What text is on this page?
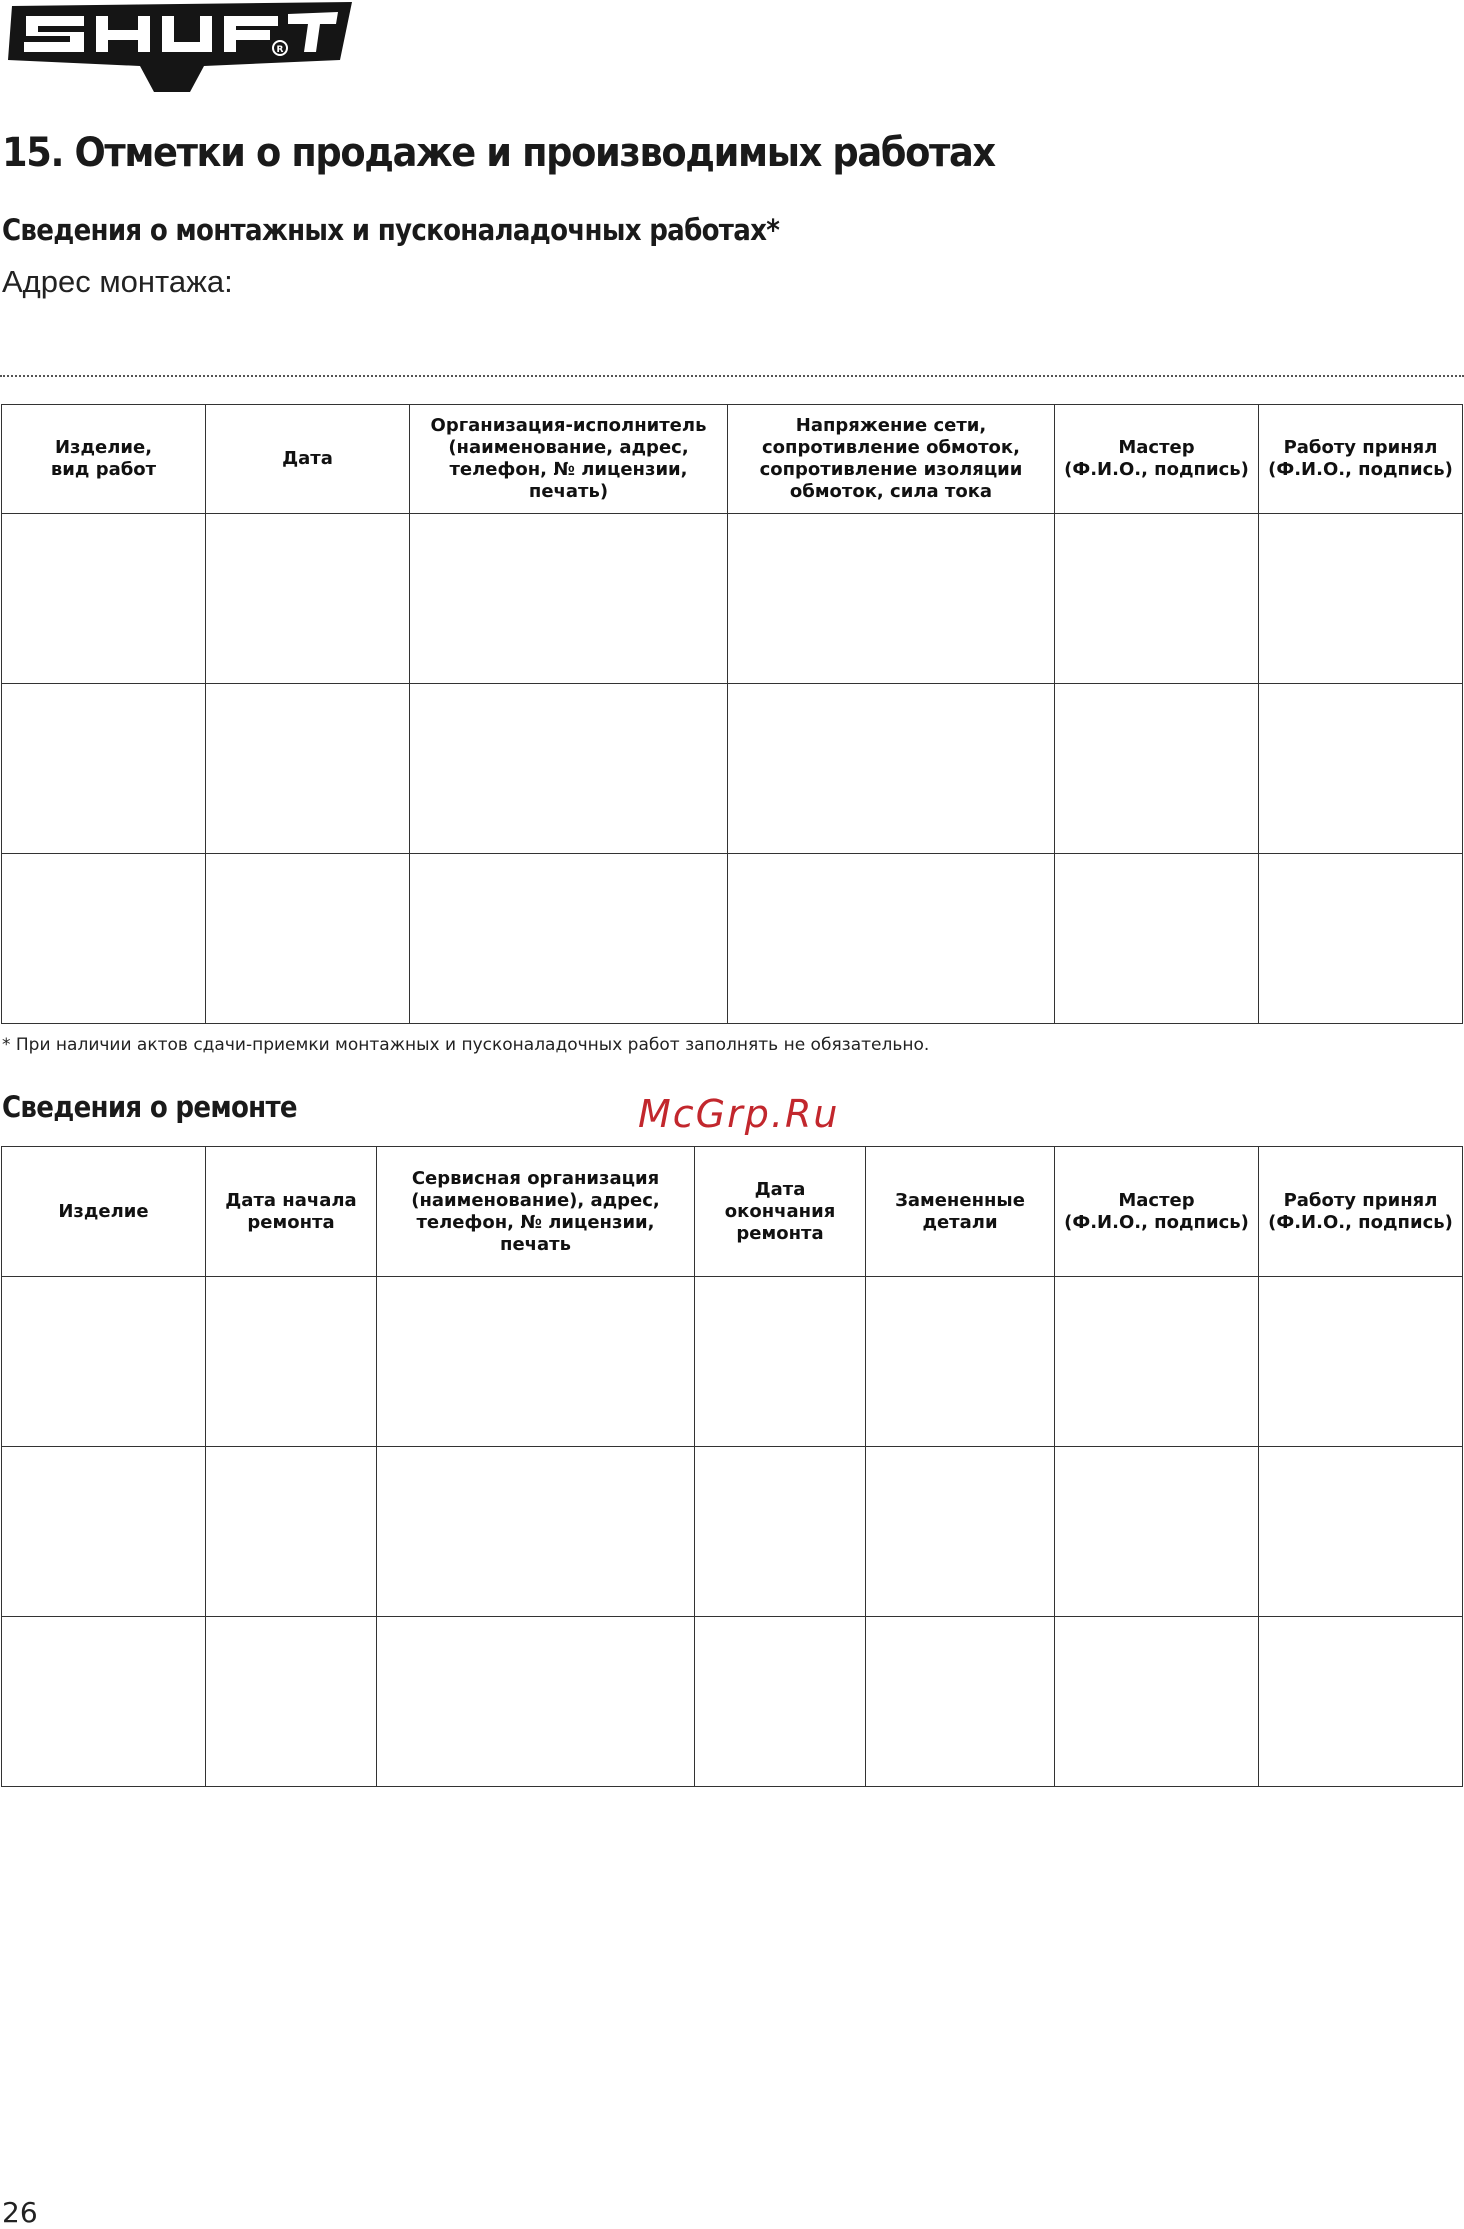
R
15. Отметки о продаже и производимых работах
Сведения о монтажных и пусконаладочных работах*

Адрес монтажа:

Изделие,
вид работ	Дата	Организация-исполнитель
(наименование, адрес,
телефон, № лицензии,
печать)	Напряжение сети,
сопротивление обмоток,
сопротивление изоляции
обмоток, сила тока	Мастер
(Ф.И.О., подпись)	Работу принял
(Ф.И.О., подпись)

* При наличии актов сдачи-приемки монтажных и пусконаладочных работ заполнять не обязательно.

Сведения о ремонте	McGrp.Ru

Изделие	Дата начала
ремонта	Сервисная организация
(наименование), адрес,
телефон, № лицензии,
печать	Дата
окончания
ремонта	Замененные
детали	Мастер
(Ф.И.О., подпись)	Работу принял
(Ф.И.О., подпись)

26
